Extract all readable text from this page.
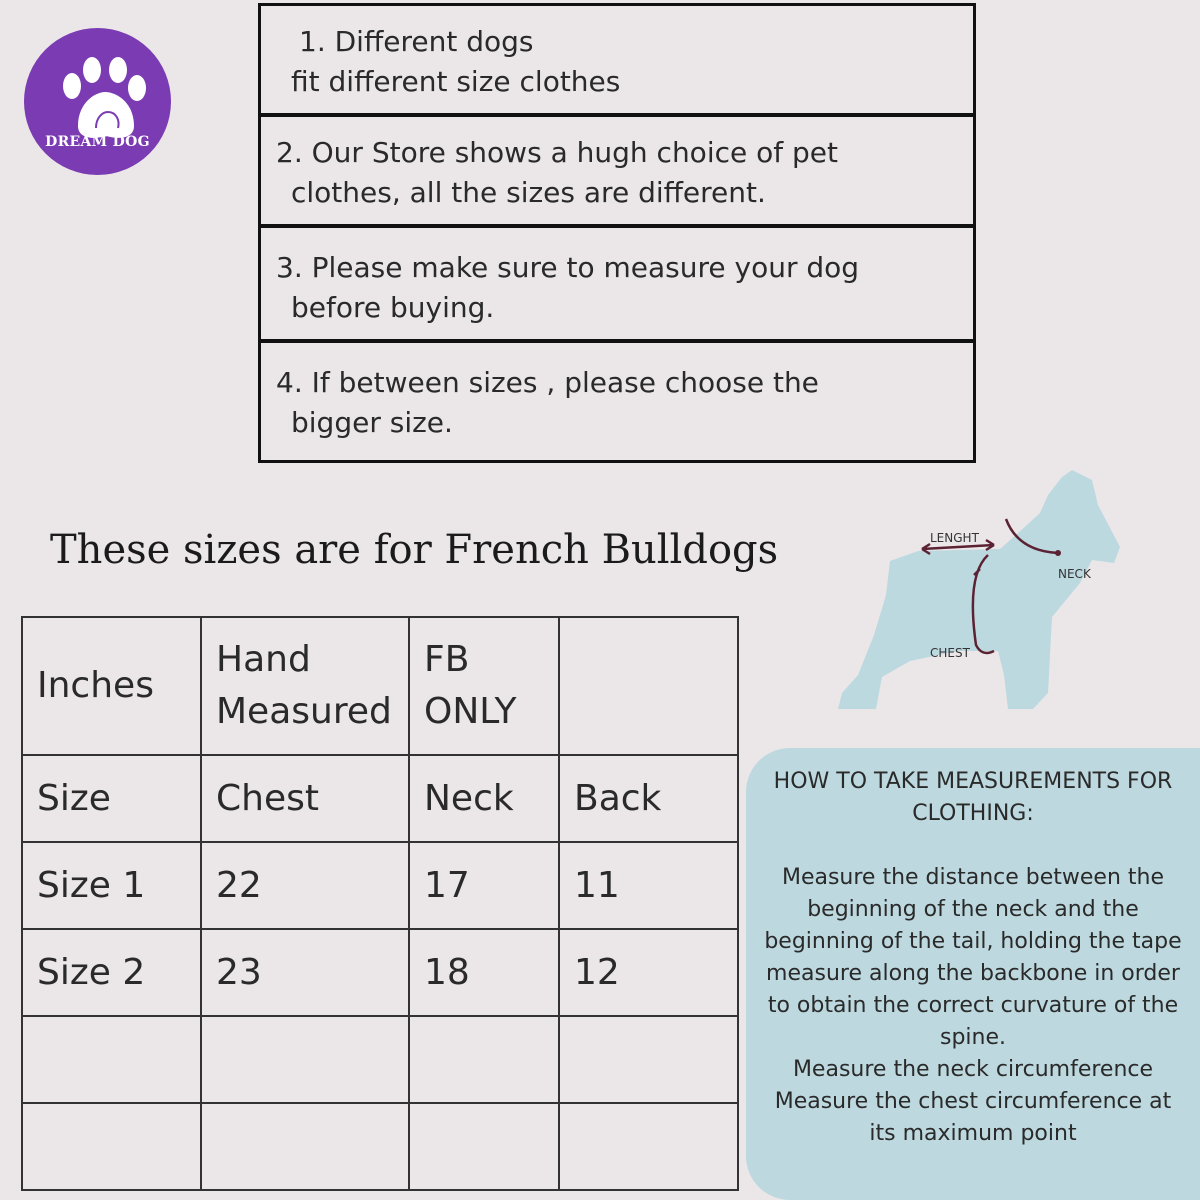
DREAM DOG
1. Different dogs
fit different size clothes
2. Our Store shows a hugh choice of pet
clothes, all the sizes are different.
3. Please make sure to measure your dog
before buying.
4. If between sizes , please choose the
bigger size.
These sizes are for French Bulldogs
Inches	Hand Measured	FB ONLY	
Size	Chest	Neck	Back
Size 1	22	17	11
Size 2	23	18	12

LENGHT
NECK
CHEST
HOW TO TAKE MEASUREMENTS FOR CLOTHING:
Measure the distance between the beginning of the neck and the beginning of the tail, holding the tape measure along the backbone in order to obtain the correct curvature of the spine.
Measure the neck circumference
Measure the chest circumference at its maximum point
